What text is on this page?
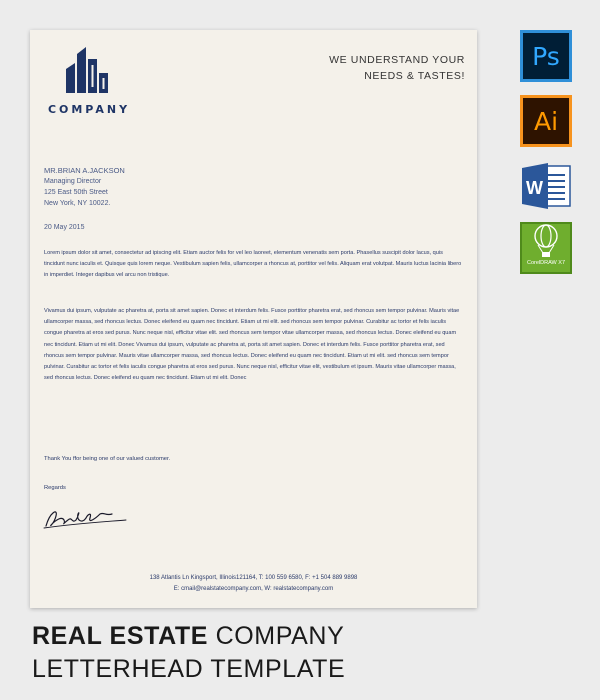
COMPANY
WE UNDERSTAND YOUR
NEEDS & TASTES!
MR.BRIAN A.JACKSON
Managing Director
125 East 50th Street
New York, NY 10022.
20 May 2015
Lorem ipsum dolor sit amet, consectetur ad ipiscing elit. Etiam auctor felis for vel leo laoreet, elementum venenatis sem porta. Phasellus suscipit dolor lacus, quis tincidunt nunc iaculis et. Quisque quis lorem neque. Vestibulum sapien felis, ullamcorper a rhoncus at, porttitor vel felis. Aliquam erat volutpat. Mauris luctus lacinia libero in imperdiet. Integer dapibus vel arcu non tristique.
Vivamus dui ipsum, vulputate ac pharetra at, porta sit amet sapien. Donec et interdum felis. Fusce porttitor pharetra erat, sed rhoncus sem tempor pulvinar. Mauris vitae ullamcorper massa, sed rhoncus lectus. Donec eleifend eu quam nec tincidunt. Etiam ut mi elit. sed rhoncus sem tempor pulvinar. Curabitur ac tortor et felis iaculis congue pharetra at eros sed purus. Nunc neque nisl, efficitur vitae elit. sed rhoncus sem tempor vitae ullamcorper massa, sed rhoncus lectus. Donec eleifend eu quam nec tincidunt. Etiam ut mi elit. Donec Vivamus dui ipsum, vulputate ac pharetra at, porta sit amet sapien. Donec et interdum felis. Fusce porttitor pharetra erat, sed rhoncus sem tempor pulvinar. Mauris vitae ullamcorper massa, sed rhoncus lectus. Donec eleifend eu quam nec tincidunt. Etiam ut mi elit. sed rhoncus sem tempor pulvinar. Curabitur ac tortor et felis iaculis congue pharetra at eros sed purus. Nunc neque nisl, efficitur vitae elit, vestibulum et ipsum. Mauris vitae ullamcorper massa, sed rhoncus lectus. Donec eleifend eu quam nec tincidunt. Etiam ut mi elit. Donec
Thank You ffor being one of our valued customer.
Regards
138 Atlantis Ln Kingsport, Illinois121164, T: 100 559 6580, F: +1 504 889 9898
E: cmail@realstatecompany.com, W: realstatecompany.com
Ps
Ai
W
CorelDRAW X7
REAL ESTATE COMPANY
LETTERHEAD TEMPLATE
